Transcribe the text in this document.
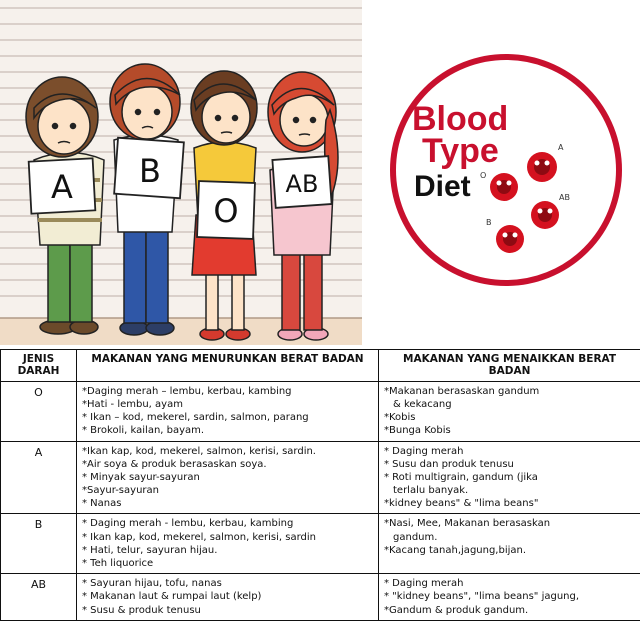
A B
O
AB
Blood
Type
Diet
A
O
AB
B
JENIS DARAH	MAKANAN YANG MENURUNKAN BERAT BADAN	MAKANAN YANG MENAIKKAN BERAT BADAN
O	*Daging merah – lembu, kerbau, kambing
*Hati - lembu, ayam
* Ikan – kod, mekerel, sardin, salmon, parang
* Brokoli, kailan, bayam.	*Makanan berasaskan gandum
& kekacang
*Kobis
*Bunga Kobis

A	*Ikan kap, kod, mekerel, salmon, kerisi, sardin.
*Air soya & produk berasaskan soya.
* Minyak sayur-sayuran
*Sayur-sayuran
* Nanas	* Daging merah
* Susu dan produk tenusu
* Roti multigrain, gandum (jika
terlalu banyak.
*kidney beans" & "lima beans"

B	* Daging merah - lembu, kerbau, kambing
* Ikan kap, kod, mekerel, salmon, kerisi, sardin
* Hati, telur, sayuran hijau.
* Teh liquorice	*Nasi, Mee, Makanan berasaskan
gandum.
*Kacang tanah,jagung,bijan.

AB	* Sayuran hijau, tofu, nanas
* Makanan laut & rumpai laut (kelp)
* Susu & produk tenusu	* Daging merah
* "kidney beans", "lima beans" jagung,
*Gandum & produk gandum.
